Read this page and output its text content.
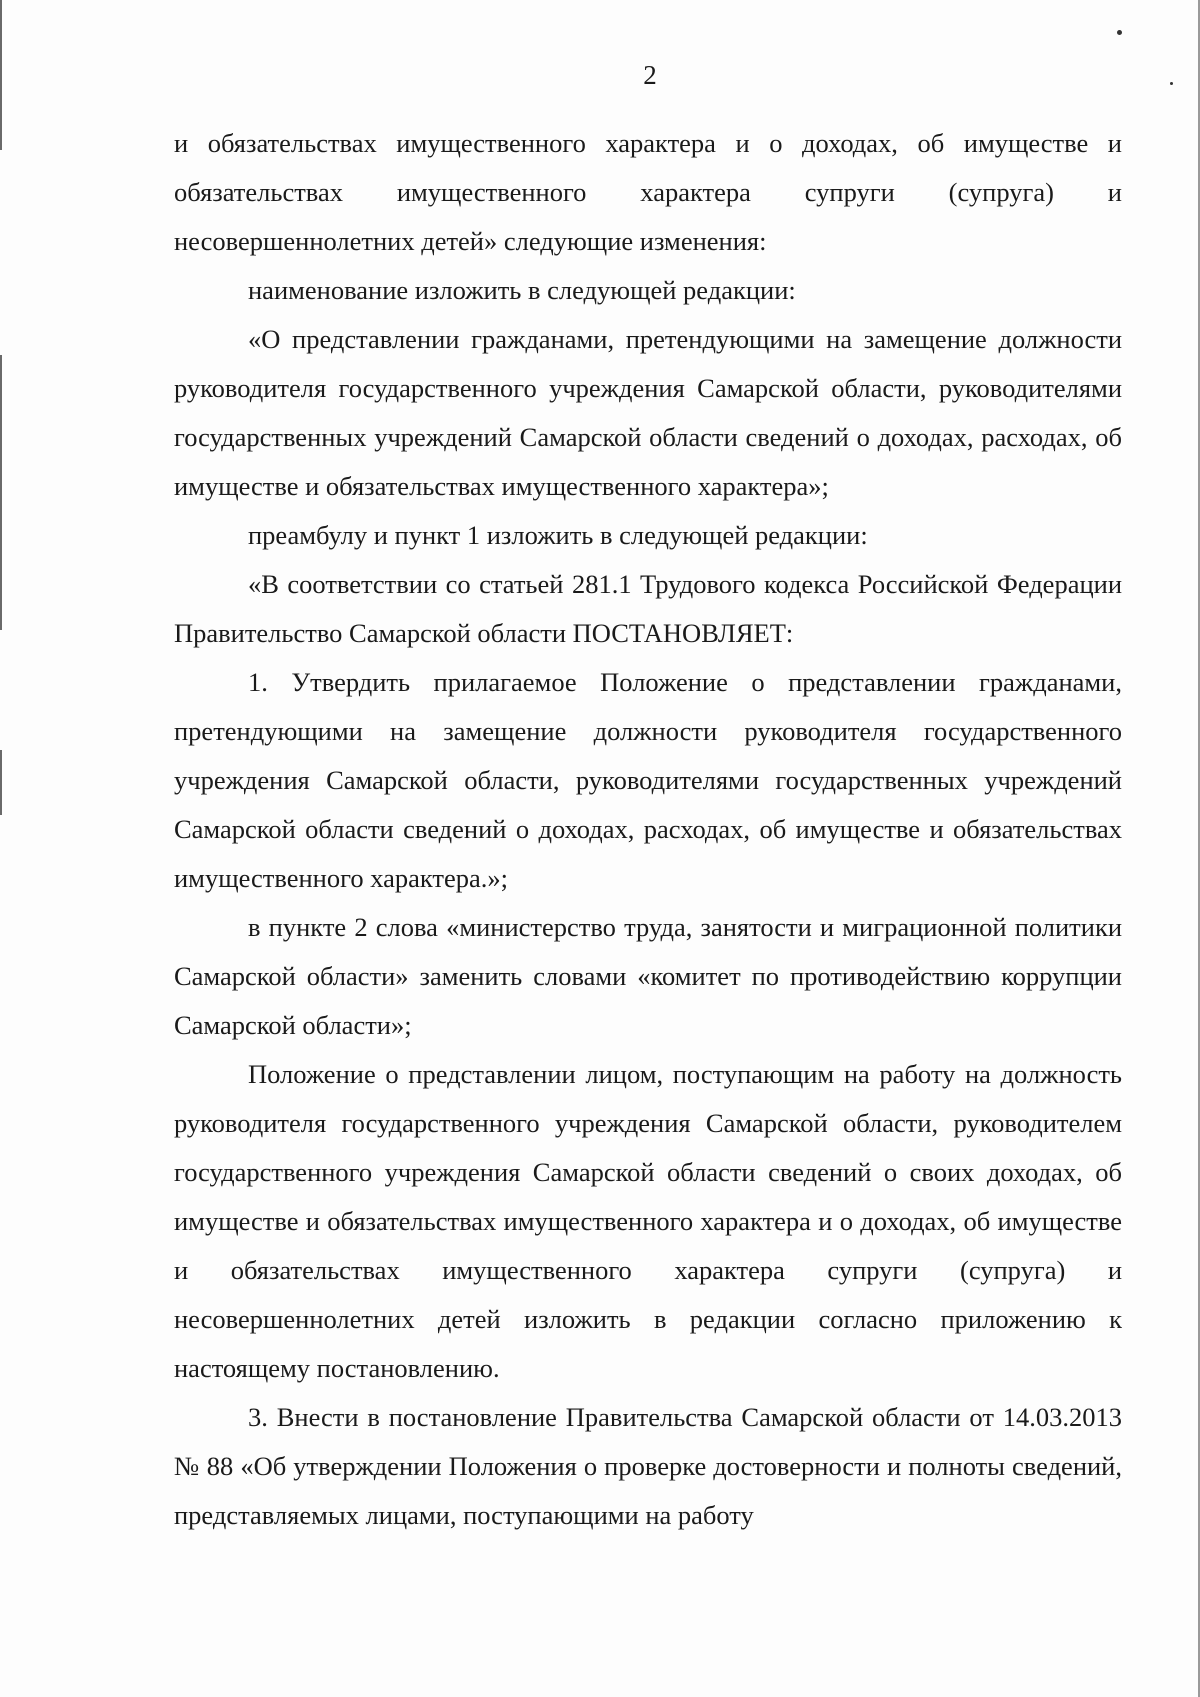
2

и обязательствах имущественного характера и о доходах, об имуществе и обязательствах имущественного характера супруги (супруга) и несовершеннолетних детей» следующие изменения:

наименование изложить в следующей редакции:

«О представлении гражданами, претендующими на замещение должности руководителя государственного учреждения Самарской области, руководителями государственных учреждений Самарской области сведений о доходах, расходах, об имуществе и обязательствах имущественного характера»;

преамбулу и пункт 1 изложить в следующей редакции:

«В соответствии со статьей 281.1 Трудового кодекса Российской Федерации Правительство Самарской области ПОСТАНОВЛЯЕТ:

1. Утвердить прилагаемое Положение о представлении гражданами, претендующими на замещение должности руководителя государственного учреждения Самарской области, руководителями государственных учреждений Самарской области сведений о доходах, расходах, об имуществе и обязательствах имущественного характера.»;

в пункте 2 слова «министерство труда, занятости и миграционной политики Самарской области» заменить словами «комитет по противодействию коррупции Самарской области»;

Положение о представлении лицом, поступающим на работу на должность руководителя государственного учреждения Самарской области, руководителем государственного учреждения Самарской области сведений о своих доходах, об имуществе и обязательствах имущественного характера и о доходах, об имуществе и обязательствах имущественного характера супруги (супруга) и несовершеннолетних детей изложить в редакции согласно приложению к настоящему постановлению.

3. Внести в постановление Правительства Самарской области от 14.03.2013 № 88 «Об утверждении Положения о проверке достоверности и полноты сведений, представляемых лицами, поступающими на работу
